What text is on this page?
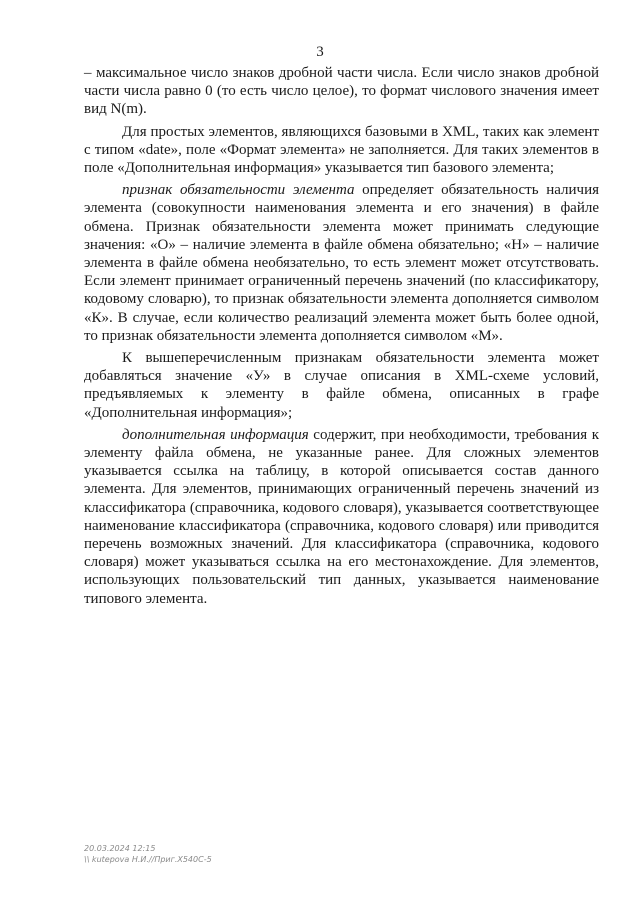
3

– максимальное число знаков дробной части числа. Если число знаков дробной части числа равно 0 (то есть число целое), то формат числового значения имеет вид N(m).

Для простых элементов, являющихся базовыми в XML, таких как элемент с типом «date», поле «Формат элемента» не заполняется. Для таких элементов в поле «Дополнительная информация» указывается тип базового элемента;

признак обязательности элемента определяет обязательность наличия элемента (совокупности наименования элемента и его значения) в файле обмена. Признак обязательности элемента может принимать следующие значения: «О» – наличие элемента в файле обмена обязательно; «Н» – наличие элемента в файле обмена необязательно, то есть элемент может отсутствовать. Если элемент принимает ограниченный перечень значений (по классификатору, кодовому словарю), то признак обязательности элемента дополняется символом «К». В случае, если количество реализаций элемента может быть более одной, то признак обязательности элемента дополняется символом «М».

К вышеперечисленным признакам обязательности элемента может добавляться значение «У» в случае описания в XML-схеме условий, предъявляемых к элементу в файле обмена, описанных в графе «Дополнительная информация»;

дополнительная информация содержит, при необходимости, требования к элементу файла обмена, не указанные ранее. Для сложных элементов указывается ссылка на таблицу, в которой описывается состав данного элемента. Для элементов, принимающих ограниченный перечень значений из классификатора (справочника, кодового словаря), указывается соответствующее наименование классификатора (справочника, кодового словаря) или приводится перечень возможных значений. Для классификатора (справочника, кодового словаря) может указываться ссылка на его местонахождение. Для элементов, использующих пользовательский тип данных, указывается наименование типового элемента.

20.03.2024 12:15
\\ kutepova Н.И.//Приг.Х540С-5
